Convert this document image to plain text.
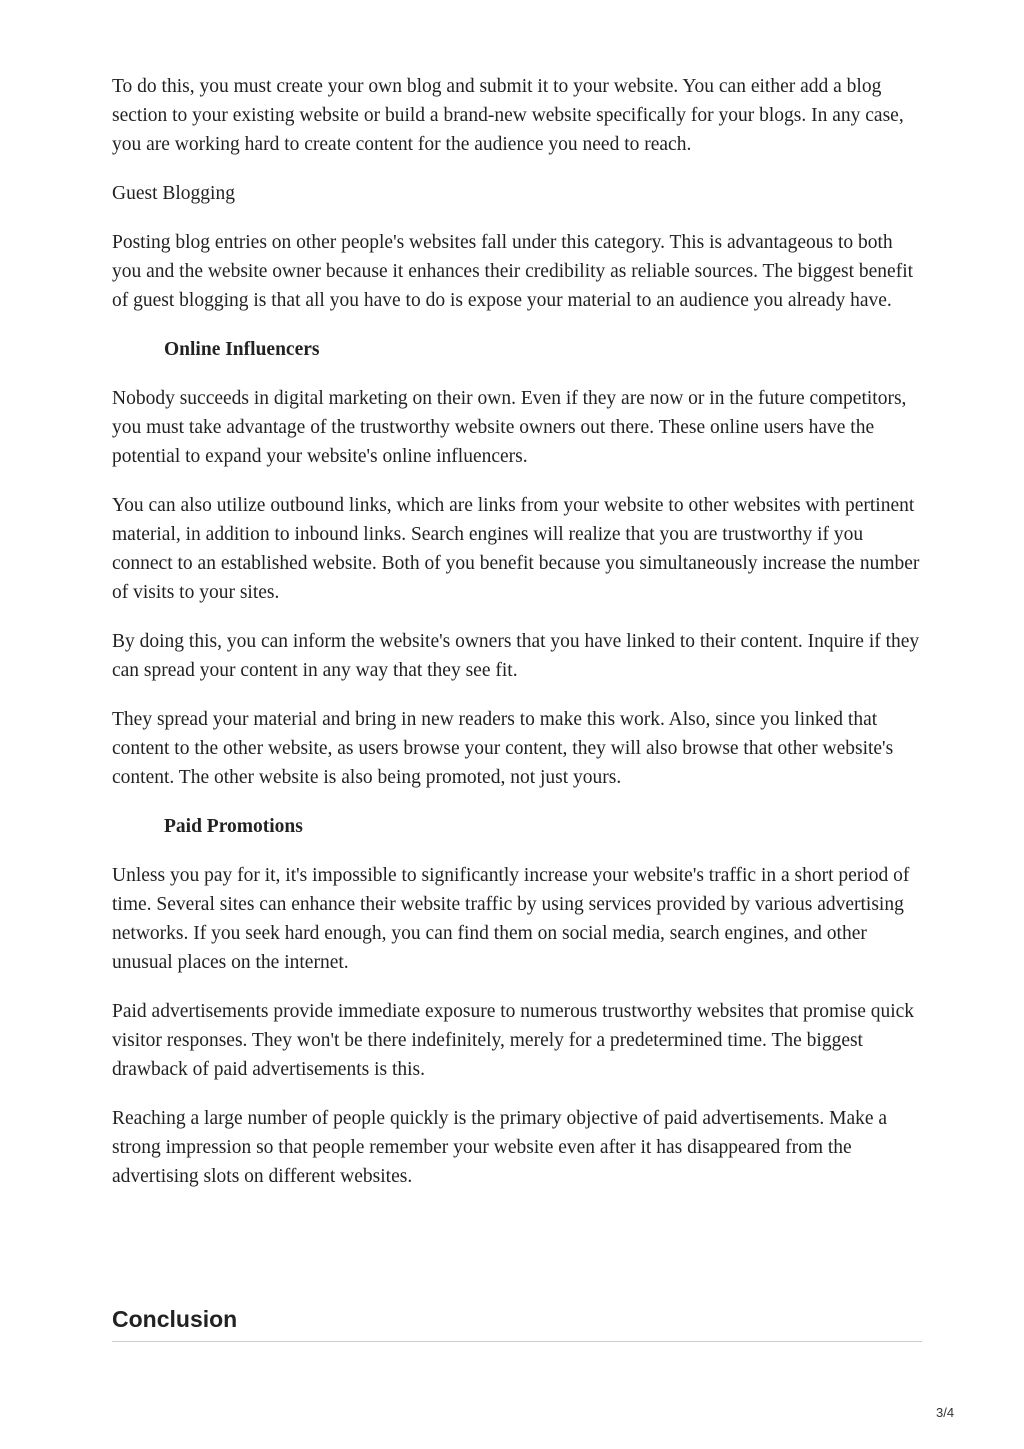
To do this, you must create your own blog and submit it to your website. You can either add a blog section to your existing website or build a brand-new website specifically for your blogs. In any case, you are working hard to create content for the audience you need to reach.

Guest Blogging

Posting blog entries on other people's websites fall under this category. This is advantageous to both you and the website owner because it enhances their credibility as reliable sources. The biggest benefit of guest blogging is that all you have to do is expose your material to an audience you already have.

Online Influencers

Nobody succeeds in digital marketing on their own. Even if they are now or in the future competitors, you must take advantage of the trustworthy website owners out there. These online users have the potential to expand your website's online influencers.

You can also utilize outbound links, which are links from your website to other websites with pertinent material, in addition to inbound links. Search engines will realize that you are trustworthy if you connect to an established website. Both of you benefit because you simultaneously increase the number of visits to your sites.

By doing this, you can inform the website's owners that you have linked to their content. Inquire if they can spread your content in any way that they see fit.

They spread your material and bring in new readers to make this work. Also, since you linked that content to the other website, as users browse your content, they will also browse that other website's content. The other website is also being promoted, not just yours.

Paid Promotions

Unless you pay for it, it's impossible to significantly increase your website's traffic in a short period of time. Several sites can enhance their website traffic by using services provided by various advertising networks. If you seek hard enough, you can find them on social media, search engines, and other unusual places on the internet.

Paid advertisements provide immediate exposure to numerous trustworthy websites that promise quick visitor responses. They won't be there indefinitely, merely for a predetermined time. The biggest drawback of paid advertisements is this.

Reaching a large number of people quickly is the primary objective of paid advertisements. Make a strong impression so that people remember your website even after it has disappeared from the advertising slots on different websites.

Conclusion
3/4
